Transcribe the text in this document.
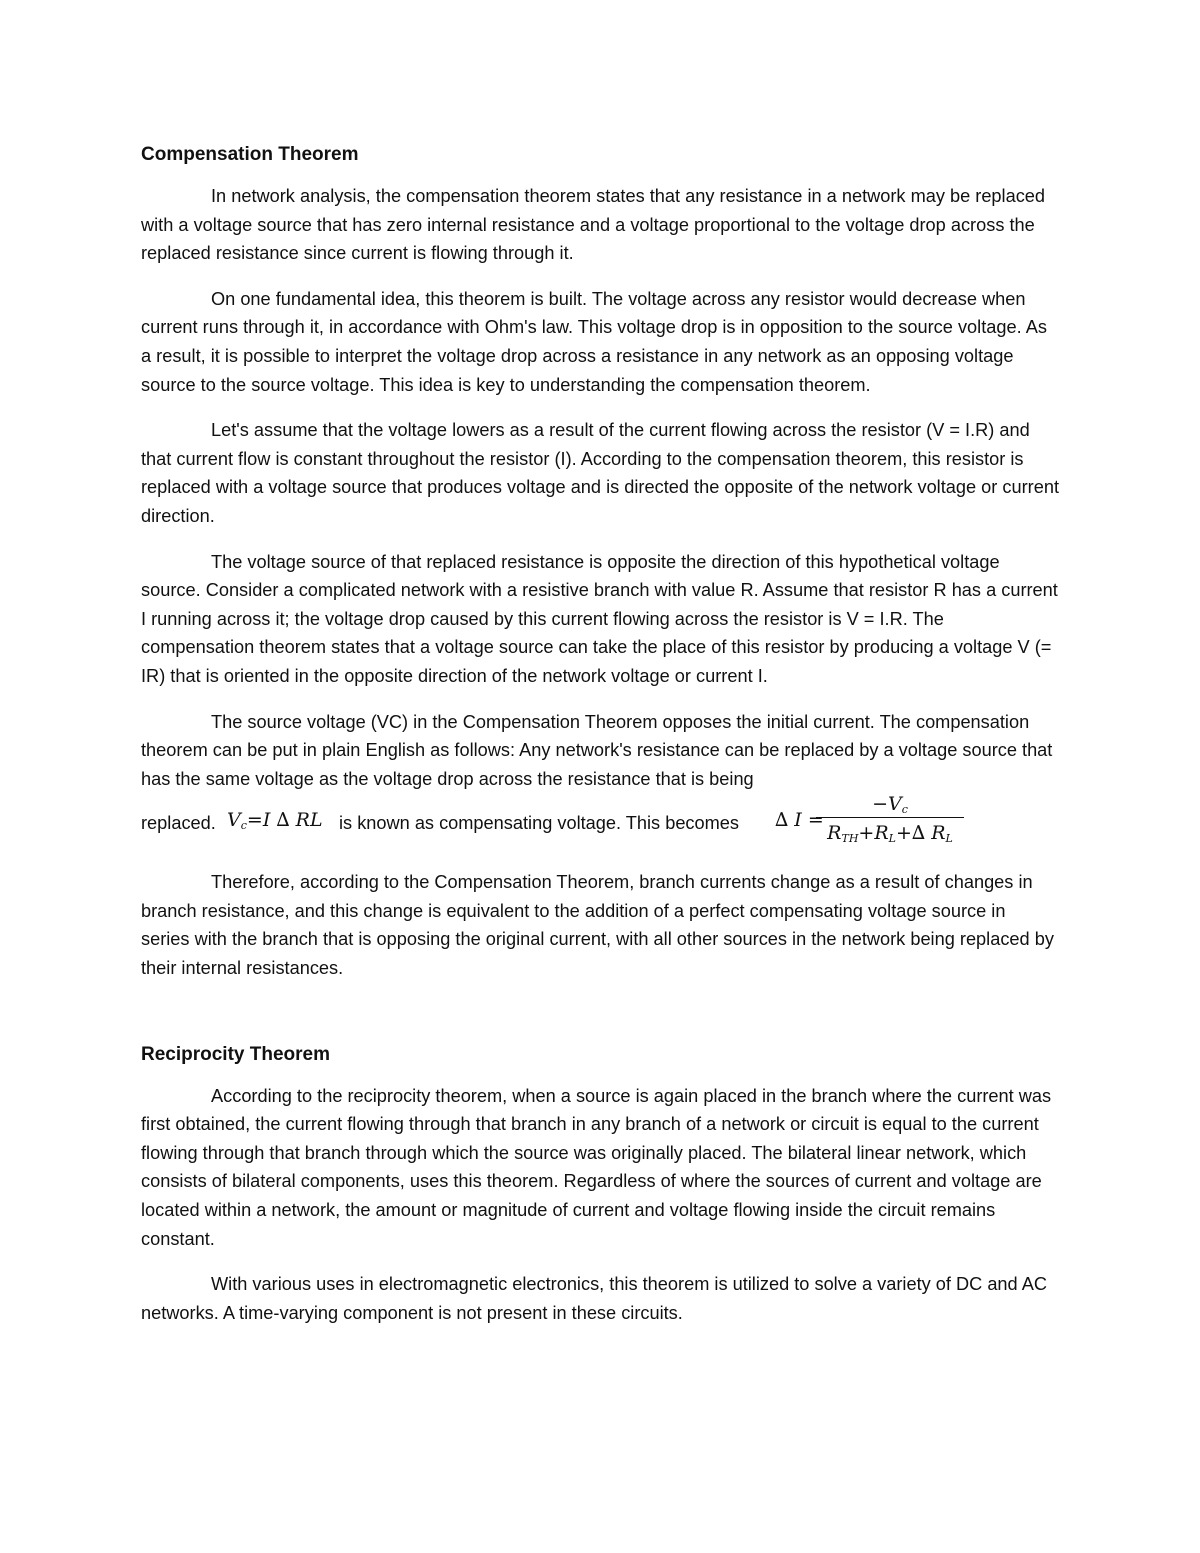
Compensation Theorem

In network analysis, the compensation theorem states that any resistance in a network may be replaced with a voltage source that has zero internal resistance and a voltage proportional to the voltage drop across the replaced resistance since current is flowing through it.

On one fundamental idea, this theorem is built. The voltage across any resistor would decrease when current runs through it, in accordance with Ohm's law. This voltage drop is in opposition to the source voltage. As a result, it is possible to interpret the voltage drop across a resistance in any network as an opposing voltage source to the source voltage. This idea is key to understanding the compensation theorem.

Let's assume that the voltage lowers as a result of the current flowing across the resistor (V = I.R) and that current flow is constant throughout the resistor (I). According to the compensation theorem, this resistor is replaced with a voltage source that produces voltage and is directed the opposite of the network voltage or current direction.

The voltage source of that replaced resistance is opposite the direction of this hypothetical voltage source. Consider a complicated network with a resistive branch with value R. Assume that resistor R has a current I running across it; the voltage drop caused by this current flowing across the resistor is V = I.R. The compensation theorem states that a voltage source can take the place of this resistor by producing a voltage V (= IR) that is oriented in the opposite direction of the network voltage or current I.

The source voltage (VC) in the Compensation Theorem opposes the initial current. The compensation theorem can be put in plain English as follows: Any network's resistance can be replaced by a voltage source that has the same voltage as the voltage drop across the resistance that is being

replaced. $V_c=I$ ∆ RL is known as compensating voltage. This becomes ∆ I =
$-V_c$
$R_{TH}+R_L+\Delta$ $R_L$

Therefore, according to the Compensation Theorem, branch currents change as a result of changes in branch resistance, and this change is equivalent to the addition of a perfect compensating voltage source in series with the branch that is opposing the original current, with all other sources in the network being replaced by their internal resistances.

Reciprocity Theorem

According to the reciprocity theorem, when a source is again placed in the branch where the current was first obtained, the current flowing through that branch in any branch of a network or circuit is equal to the current flowing through that branch through which the source was originally placed. The bilateral linear network, which consists of bilateral components, uses this theorem. Regardless of where the sources of current and voltage are located within a network, the amount or magnitude of current and voltage flowing inside the circuit remains constant.

With various uses in electromagnetic electronics, this theorem is utilized to solve a variety of DC and AC networks. A time-varying component is not present in these circuits.
